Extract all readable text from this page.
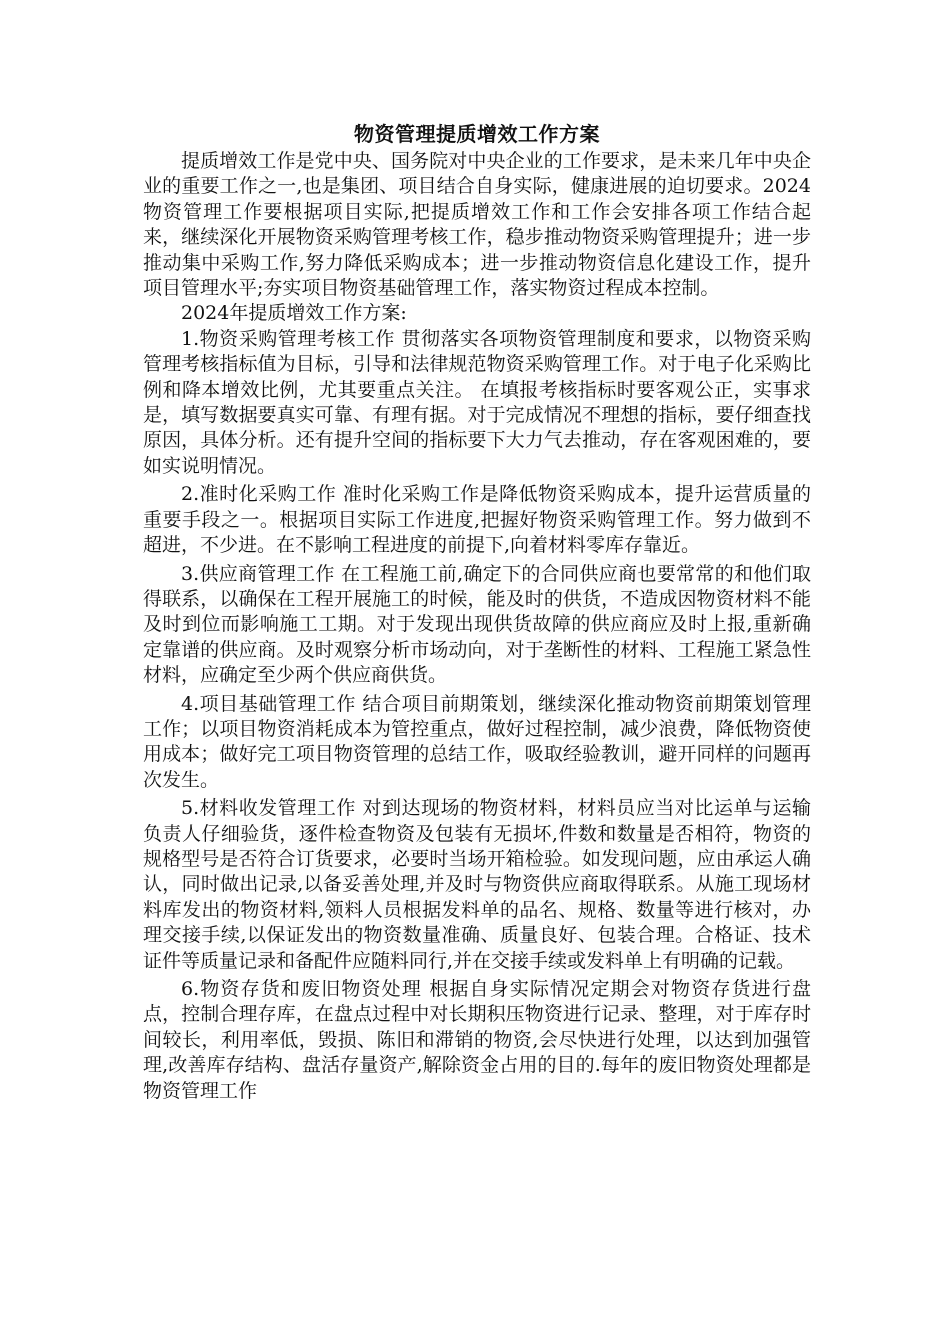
物资管理提质增效工作方案

提质增效工作是党中央、国务院对中央企业的工作要求，是未来几年中央企业的重要工作之一,也是集团、项目结合自身实际，健康进展的迫切要求。2024物资管理工作要根据项目实际,把提质增效工作和工作会安排各项工作结合起来，继续深化开展物资采购管理考核工作，稳步推动物资采购管理提升；进一步推动集中采购工作,努力降低采购成本；进一步推动物资信息化建设工作，提升项目管理水平;夯实项目物资基础管理工作，落实物资过程成本控制。

2024年提质增效工作方案:

1.物资采购管理考核工作 贯彻落实各项物资管理制度和要求，以物资采购管理考核指标值为目标，引导和法律规范物资采购管理工作。对于电子化采购比例和降本增效比例，尤其要重点关注。 在填报考核指标时要客观公正，实事求是，填写数据要真实可靠、有理有据。对于完成情况不理想的指标，要仔细查找原因，具体分析。还有提升空间的指标要下大力气去推动，存在客观困难的，要如实说明情况。

2.准时化采购工作 准时化采购工作是降低物资采购成本，提升运营质量的重要手段之一。根据项目实际工作进度,把握好物资采购管理工作。努力做到不超进，不少进。在不影响工程进度的前提下,向着材料零库存靠近。

3.供应商管理工作 在工程施工前,确定下的合同供应商也要常常的和他们取得联系，以确保在工程开展施工的时候，能及时的供货，不造成因物资材料不能及时到位而影响施工工期。对于发现出现供货故障的供应商应及时上报,重新确定靠谱的供应商。及时观察分析市场动向，对于垄断性的材料、工程施工紧急性材料，应确定至少两个供应商供货。

4.项目基础管理工作 结合项目前期策划，继续深化推动物资前期策划管理工作；以项目物资消耗成本为管控重点，做好过程控制，减少浪费，降低物资使用成本；做好完工项目物资管理的总结工作，吸取经验教训，避开同样的问题再次发生。

5.材料收发管理工作 对到达现场的物资材料，材料员应当对比运单与运输负责人仔细验货，逐件检查物资及包装有无损坏,件数和数量是否相符，物资的规格型号是否符合订货要求，必要时当场开箱检验。如发现问题，应由承运人确认，同时做出记录,以备妥善处理,并及时与物资供应商取得联系。从施工现场材料库发出的物资材料,领料人员根据发料单的品名、规格、数量等进行核对，办理交接手续,以保证发出的物资数量准确、质量良好、包装合理。合格证、技术证件等质量记录和备配件应随料同行,并在交接手续或发料单上有明确的记载。

6.物资存货和废旧物资处理 根据自身实际情况定期会对物资存货进行盘点，控制合理存库，在盘点过程中对长期积压物资进行记录、整理，对于库存时间较长，利用率低，毁损、陈旧和滞销的物资,会尽快进行处理，以达到加强管理,改善库存结构、盘活存量资产,解除资金占用的目的.每年的废旧物资处理都是物资管理工作
